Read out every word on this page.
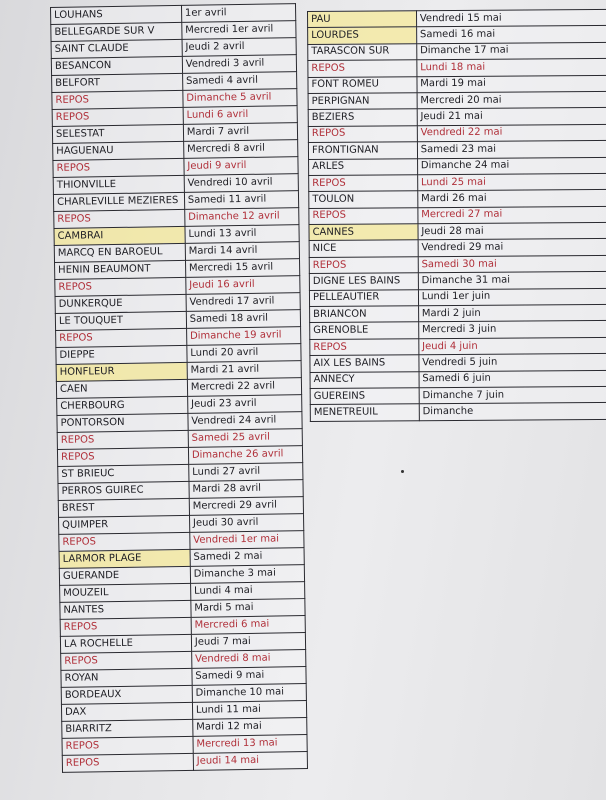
LOUHANS	1er avril
BELLEGARDE SUR V	Mercredi 1er avril
SAINT CLAUDE	Jeudi 2 avril
BESANCON	Vendredi 3 avril
BELFORT	Samedi 4 avril
REPOS	Dimanche 5 avril
REPOS	Lundi 6 avril
SELESTAT	Mardi 7 avril
HAGUENAU	Mercredi 8 avril
REPOS	Jeudi 9 avril
THIONVILLE	Vendredi 10 avril
CHARLEVILLE MEZIERES	Samedi 11 avril
REPOS	Dimanche 12 avril
CAMBRAI	Lundi 13 avril
MARCQ EN BAROEUL	Mardi 14 avril
HENIN BEAUMONT	Mercredi 15 avril
REPOS	Jeudi 16 avril
DUNKERQUE	Vendredi 17 avril
LE TOUQUET	Samedi 18 avril
REPOS	Dimanche 19 avril
DIEPPE	Lundi 20 avril
HONFLEUR	Mardi 21 avril
CAEN	Mercredi 22 avril
CHERBOURG	Jeudi 23 avril
PONTORSON	Vendredi 24 avril
REPOS	Samedi 25 avril
REPOS	Dimanche 26 avril
ST BRIEUC	Lundi 27 avril
PERROS GUIREC	Mardi 28 avril
BREST	Mercredi 29 avril
QUIMPER	Jeudi 30 avril
REPOS	Vendredi 1er mai
LARMOR PLAGE	Samedi 2 mai
GUERANDE	Dimanche 3 mai
MOUZEIL	Lundi 4 mai
NANTES	Mardi 5 mai
REPOS	Mercredi 6 mai
LA ROCHELLE	Jeudi 7 mai
REPOS	Vendredi 8 mai
ROYAN	Samedi 9 mai
BORDEAUX	Dimanche 10 mai
DAX	Lundi 11 mai
BIARRITZ	Mardi 12 mai
REPOS	Mercredi 13 mai
REPOS	Jeudi 14 mai
PAU	Vendredi 15 mai
LOURDES	Samedi 16 mai
TARASCON SUR	Dimanche 17 mai
REPOS	Lundi 18 mai
FONT ROMEU	Mardi 19 mai
PERPIGNAN	Mercredi 20 mai
BEZIERS	Jeudi 21 mai
REPOS	Vendredi 22 mai
FRONTIGNAN	Samedi 23 mai
ARLES	Dimanche 24 mai
REPOS	Lundi 25 mai
TOULON	Mardi 26 mai
REPOS	Mercredi 27 mai
CANNES	Jeudi 28 mai
NICE	Vendredi 29 mai
REPOS	Samedi 30 mai
DIGNE LES BAINS	Dimanche 31 mai
PELLEAUTIER	Lundi 1er juin
BRIANCON	Mardi 2 juin
GRENOBLE	Mercredi 3 juin
REPOS	Jeudi 4 juin
AIX LES BAINS	Vendredi 5 juin
ANNECY	Samedi 6 juin
GUEREINS	Dimanche 7 juin
MENETREUIL	Dimanche
